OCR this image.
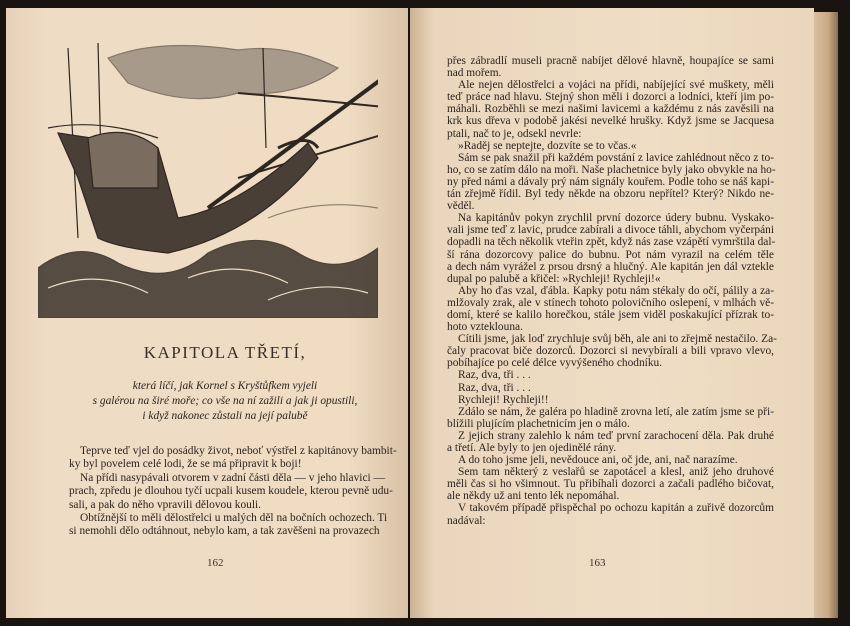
KAPITOLA TŘETÍ,
která líčí, jak Kornel s Kryštůfkem vyjeli
s galérou na širé moře; co vše na ní zažili a jak ji opustili,
i když nakonec zůstali na její palubě
Teprve teď vjel do posádky život, neboť výstřel z kapitánovy bambit-
ky byl povelem celé lodi, že se má připravit k boji!
Na přídi nasypávali otvorem v zadní části děla — v jeho hlavici —
prach, zpředu je dlouhou tyčí ucpali kusem koudele, kterou pevně udu-
sali, a pak do něho vpravili dělovou kouli.
Obtížnější to měli dělostřelci u malých děl na bočních ochozech. Ti
si nemohli dělo odtáhnout, nebylo kam, a tak zavěšeni na provazech
162
přes zábradlí museli pracně nabíjet dělové hlavně, houpajíce se sami
nad mořem.
Ale nejen dělostřelci a vojáci na přídi, nabíjející své muškety, měli
teď práce nad hlavu. Stejný shon měli i dozorci a lodníci, kteří jim po-
máhali. Rozběhli se mezi našimi lavicemi a každému z nás zavěsili na
krk kus dřeva v podobě jakési nevelké hrušky. Když jsme se Jacquesa
ptali, nač to je, odsekl nevrle:
»Raděj se neptejte, dozvíte se to včas.«
Sám se pak snažil při každém povstání z lavice zahlédnout něco z to-
ho, co se zatím dálo na moři. Naše plachetnice byly jako obvykle na ho-
ny před námi a dávaly prý nám signály kouřem. Podle toho se náš kapi-
tán zřejmě řídil. Byl tedy někde na obzoru nepřítel? Který? Nikdo ne-
věděl.
Na kapitánův pokyn zrychlil první dozorce údery bubnu. Vyskako-
vali jsme teď z lavic, prudce zabírali a divoce táhli, abychom vyčerpáni
dopadli na těch několik vteřin zpět, když nás zase vzápětí vymrštila dal-
ší rána dozorcovy palice do bubnu. Pot nám vyrazil na celém těle
a dech nám vyrážel z prsou drsný a hlučný. Ale kapitán jen dál vztekle
dupal po palubě a křičel: »Rychleji! Rychleji!«
Aby ho ďas vzal, ďábla. Kapky potu nám stékaly do očí, pálily a za-
mlžovaly zrak, ale v stínech tohoto polovičního oslepení, v mlhách vě-
domí, které se kalilo horečkou, stále jsem viděl poskakující přízrak to-
hoto vzteklouna.
Cítili jsme, jak loď zrychluje svůj běh, ale ani to zřejmě nestačilo. Za-
čaly pracovat biče dozorců. Dozorci si nevybírali a bili vpravo vlevo,
pobíhajíce po celé délce vyvýšeného chodníku.
Raz, dva, tři . . .
Raz, dva, tři . . .
Rychleji! Rychleji!!
Zdálo se nám, že galéra po hladině zrovna letí, ale zatím jsme se při-
blížili plujícím plachetnicím jen o málo.
Z jejich strany zalehlo k nám teď první zarachocení děla. Pak druhé
a třetí. Ale byly to jen ojedinělé rány.
A do toho jsme jeli, nevědouce ani, oč jde, ani, nač narazíme.
Sem tam některý z veslařů se zapotácel a klesl, aniž jeho druhové
měli čas si ho všimnout. Tu přibíhali dozorci a začali padlého bičovat,
ale někdy už ani tento lék nepomáhal.
V takovém případě přispěchal po ochozu kapitán a zuřivě dozorcům
nadával:
163
